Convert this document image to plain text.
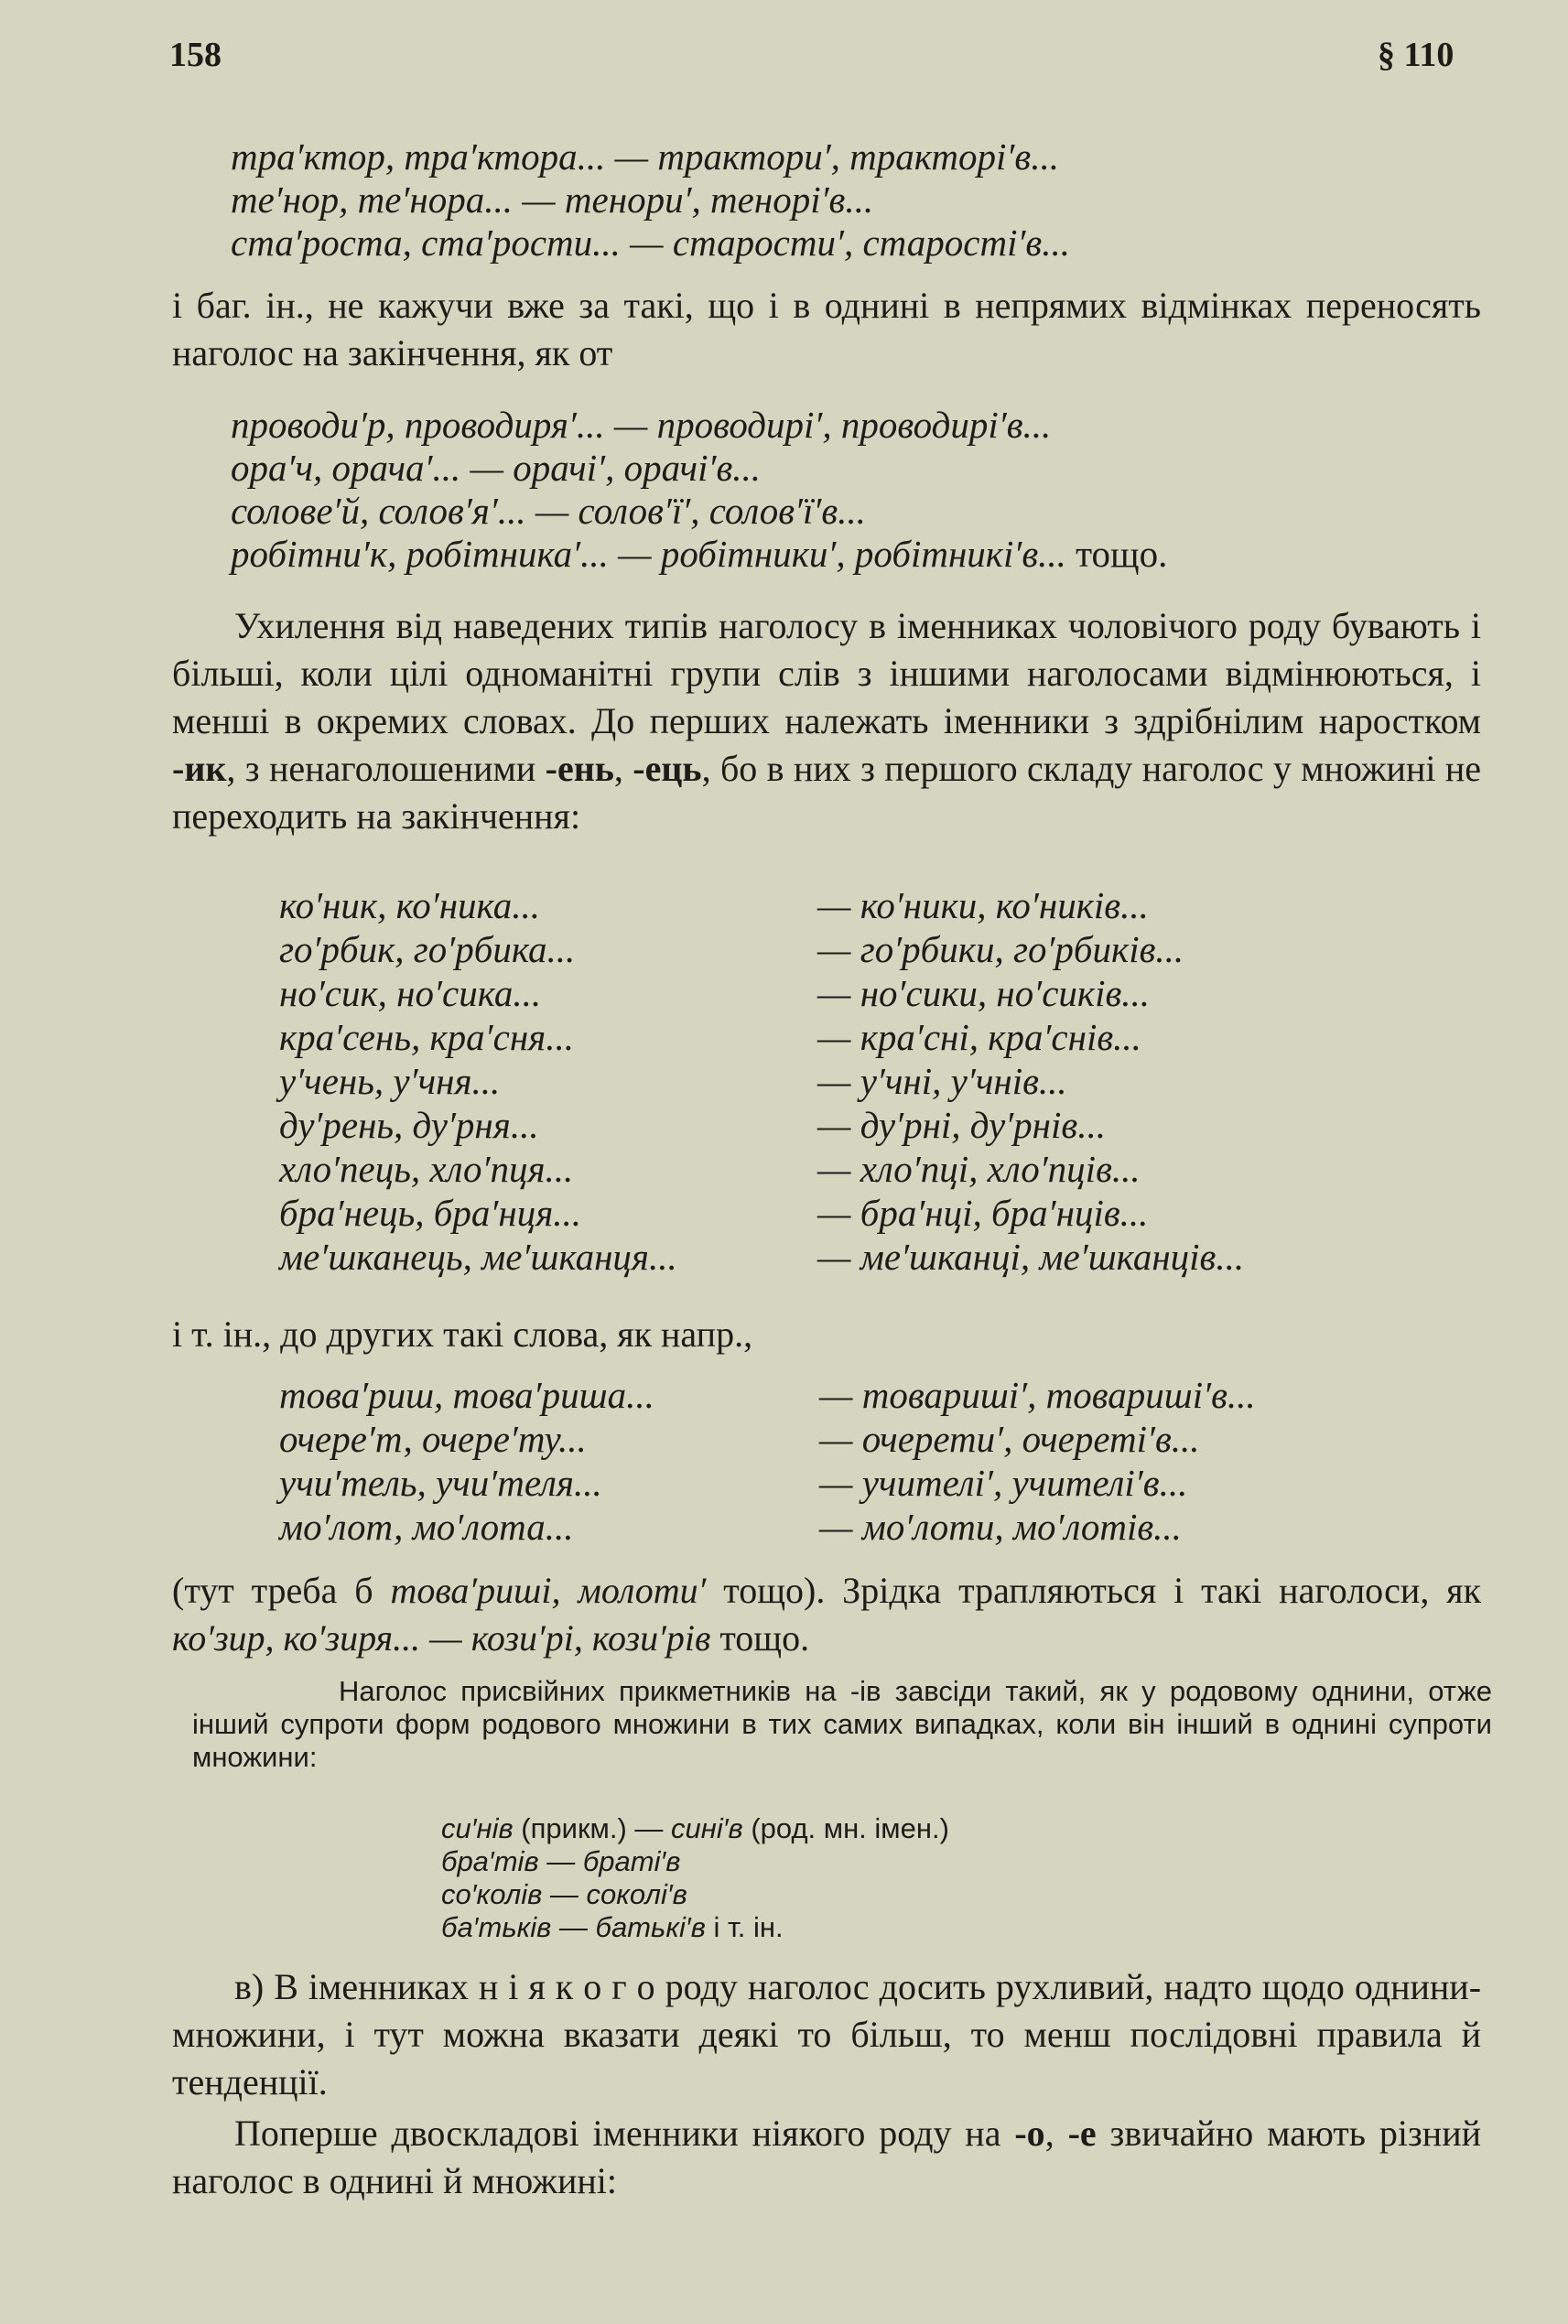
158	§ 110
тра′ктор, тра′ктора... — трактори′, тракторі′в...
те′нор, те′нора... — тенори′, тенорі′в...
ста′роста, ста′рости... — старости′, старості′в...

і баг. ін., не кажучи вже за такі, що і в однині в непрямих відмінках переносять наголос на закінчення, як от

проводи′р, проводиря′... — проводирі′, проводирі′в...
ора′ч, орача′... — орачі′, орачі′в...
солове′й, солов′я′... — солов′ї′, солов′ї′в...
робітни′к, робітника′... — робітники′, робітникі′в... тощо.

Ухилення від наведених типів наголосу в іменниках чоловічого роду бувають і більші, коли цілі одноманітні групи слів з іншими наголосами відмінюються, і менші в окремих словах. До перших належать іменники з здрібнілим наростком -ик, з ненаголошеними -ень, -ець, бо в них з першого складу наголос у множині не переходить на закінчення:

ко′ник, ко′ника...	— ко′ники, ко′ників...
го′рбик, го′рбика...	— го′рбики, го′рбиків...
но′сик, но′сика...	— но′сики, но′сиків...
кра′сень, кра′сня...	— кра′сні, кра′снів...
у′чень, у′чня...	— у′чні, у′чнів...
ду′рень, ду′рня...	— ду′рні, ду′рнів...
хло′пець, хло′пця...	— хло′пці, хло′пців...
бра′нець, бра′нця...	— бра′нці, бра′нців...
ме′шканець, ме′шканця...	— ме′шканці, ме′шканців...

і т. ін., до других такі слова, як напр.,

това′риш, това′риша...	— товариші′, товариші′в...
очере′т, очере′ту...	— очерети′, очереті′в...
учи′тель, учи′теля...	— учителі′, учителі′в...
мо′лот, мо′лота...	— мо′лоти, мо′лотів...

(тут треба б това′риші, молоти′ тощо). Зрідка трапляються і такі наголоси, як ко′зир, ко′зиря... — кози′рі, кози′рів тощо.

Наголос присвійних прикметників на -ів завсіди такий, як у родовому однини, отже інший супроти форм родового множини в тих самих випадках, коли він інший в однині супроти множини:

си′нів (прикм.) — сині′в (род. мн. імен.)
бра′тів — браті′в
со′колів — соколі′в
ба′тьків — батькі′в і т. ін.

в) В іменниках н і я к о г о роду наголос досить рухливий, надто щодо однини-множини, і тут можна вказати деякі то більш, то менш послідовні правила й тенденції.

Поперше двоскладові іменники ніякого роду на -о, -е звичайно мають різний наголос в однині й множині:
